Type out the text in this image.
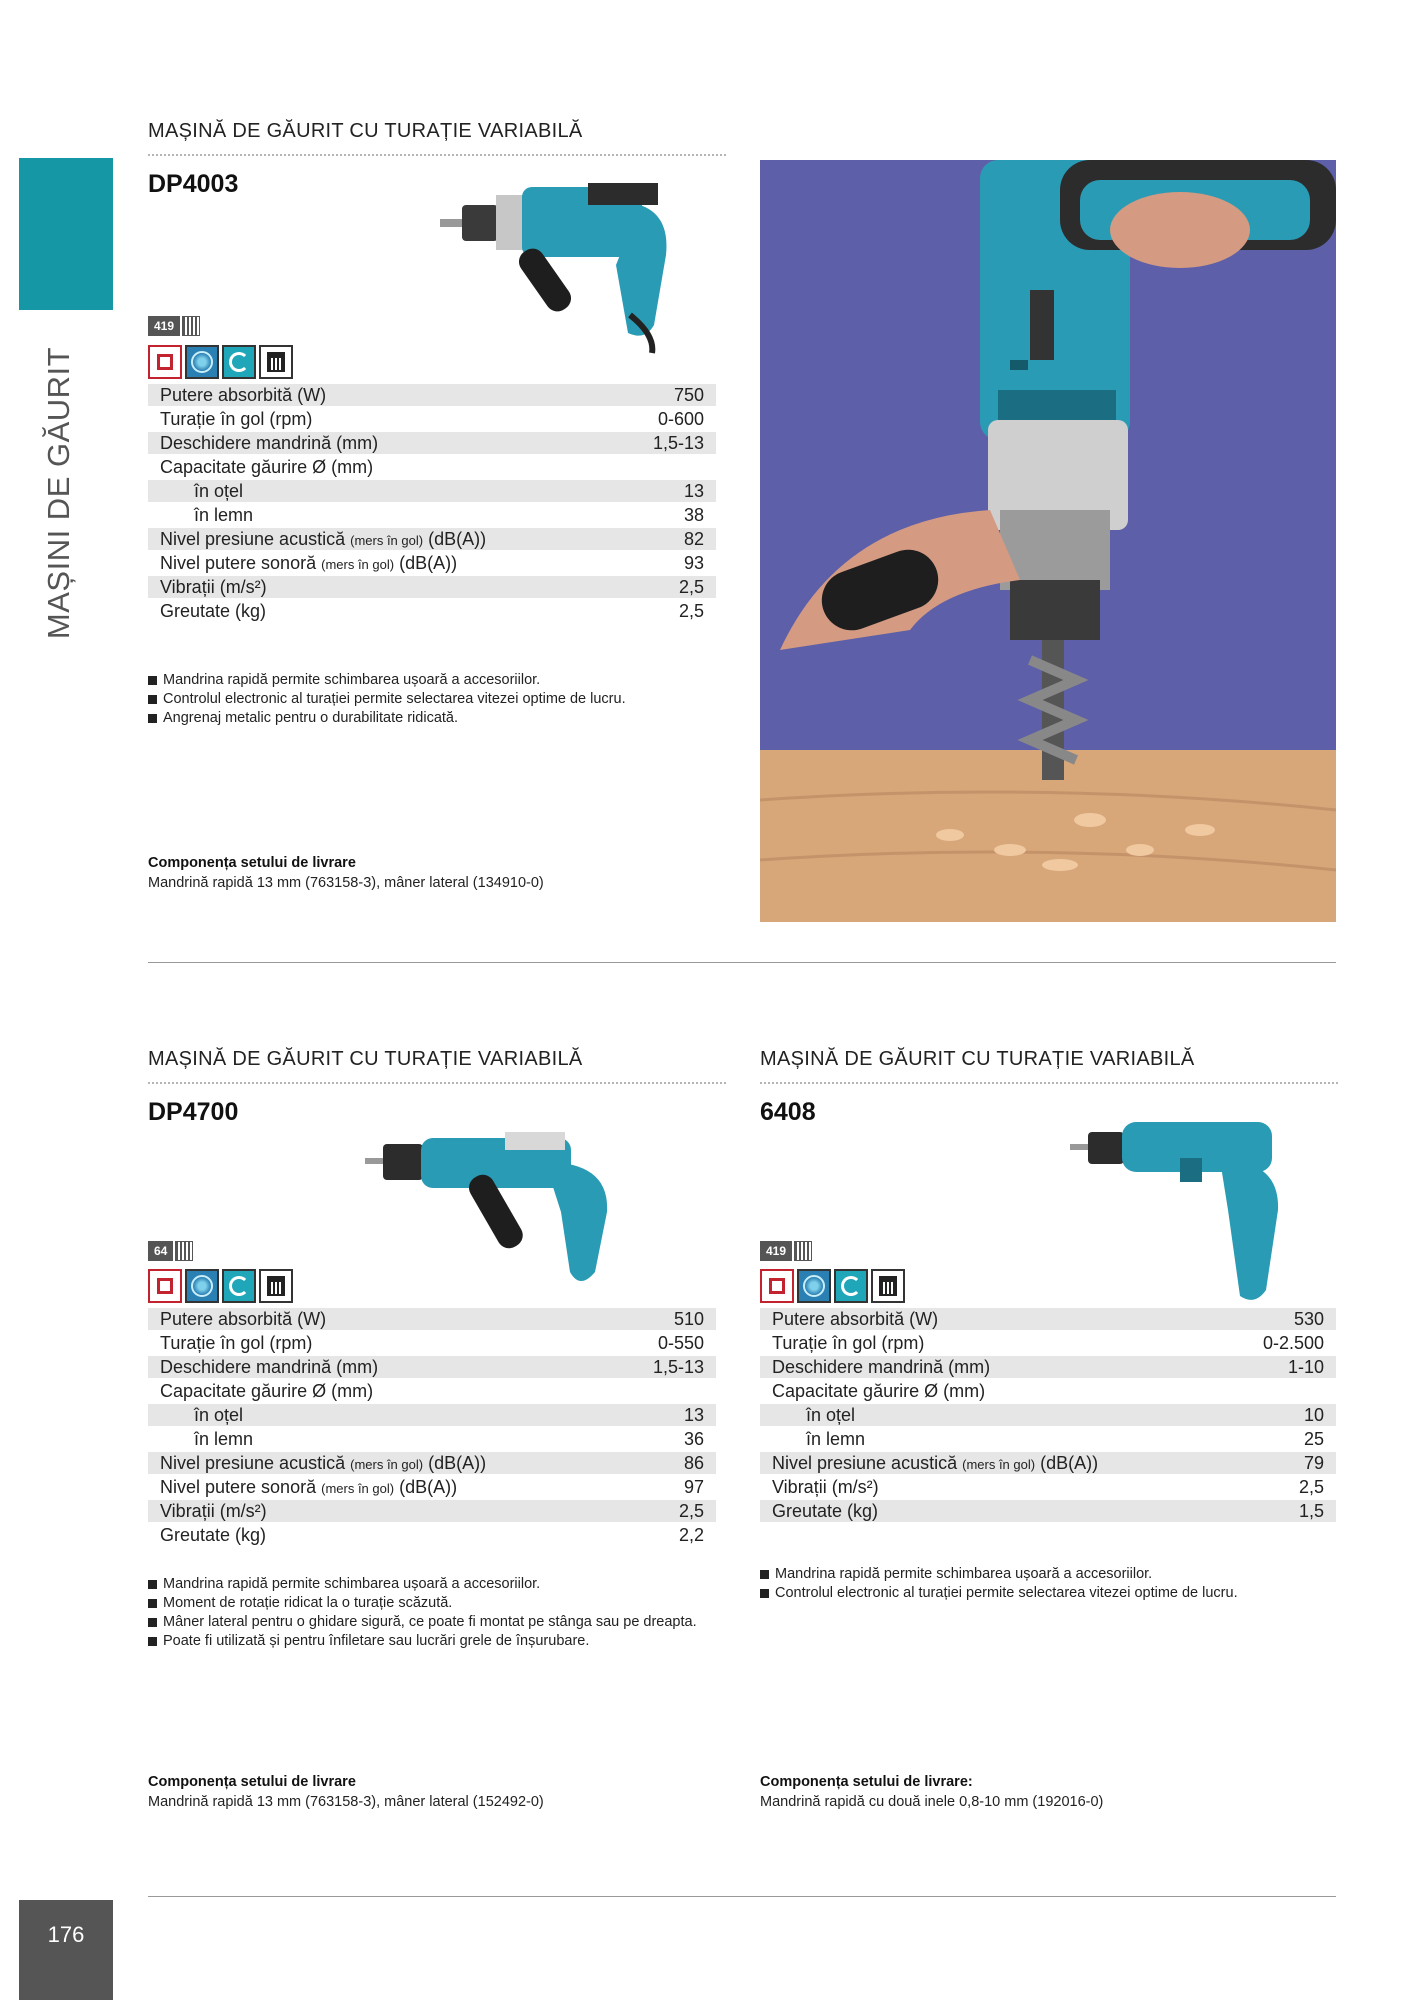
MAȘINI DE GĂURIT
MAȘINĂ DE GĂURIT CU TURAȚIE VARIABILĂ
DP4003
419
Putere absorbită (W)	750
Turație în gol (rpm)	0-600
Deschidere mandrină (mm)	1,5-13
Capacitate găurire Ø (mm)
în oțel	13
în lemn	38
Nivel presiune acustică (mers în gol) (dB(A))	82
Nivel putere sonoră (mers în gol) (dB(A))	93
Vibrații (m/s²)	2,5
Greutate (kg)	2,5
Mandrina rapidă permite schimbarea ușoară a accesoriilor.
Controlul electronic al turației permite selectarea vitezei optime de lucru.
Angrenaj metalic pentru o durabilitate ridicată.
Componența setului de livrare
Mandrină rapidă 13 mm (763158-3), mâner lateral (134910-0)
MAȘINĂ DE GĂURIT CU TURAȚIE VARIABILĂ
DP4700
64
Putere absorbită (W)	510
Turație în gol (rpm)	0-550
Deschidere mandrină (mm)	1,5-13
Capacitate găurire Ø (mm)
în oțel	13
în lemn	36
Nivel presiune acustică (mers în gol) (dB(A))	86
Nivel putere sonoră (mers în gol) (dB(A))	97
Vibrații (m/s²)	2,5
Greutate (kg)	2,2
Mandrina rapidă permite schimbarea ușoară a accesoriilor.
Moment de rotație ridicat la o turație scăzută.
Mâner lateral pentru o ghidare sigură, ce poate fi montat pe stânga sau pe dreapta.
Poate fi utilizată și pentru înfiletare sau lucrări grele de înșurubare.
Componența setului de livrare
Mandrină rapidă 13 mm (763158-3), mâner lateral (152492-0)
MAȘINĂ DE GĂURIT CU TURAȚIE VARIABILĂ
6408
419
Putere absorbită (W)	530
Turație în gol (rpm)	0-2.500
Deschidere mandrină (mm)	1-10
Capacitate găurire Ø (mm)
în oțel	10
în lemn	25
Nivel presiune acustică (mers în gol) (dB(A))	79
Vibrații (m/s²)	2,5
Greutate (kg)	1,5
Mandrina rapidă permite schimbarea ușoară a accesoriilor.
Controlul electronic al turației permite selectarea vitezei optime de lucru.
Componența setului de livrare:
Mandrină rapidă cu două inele 0,8-10 mm (192016-0)
176
